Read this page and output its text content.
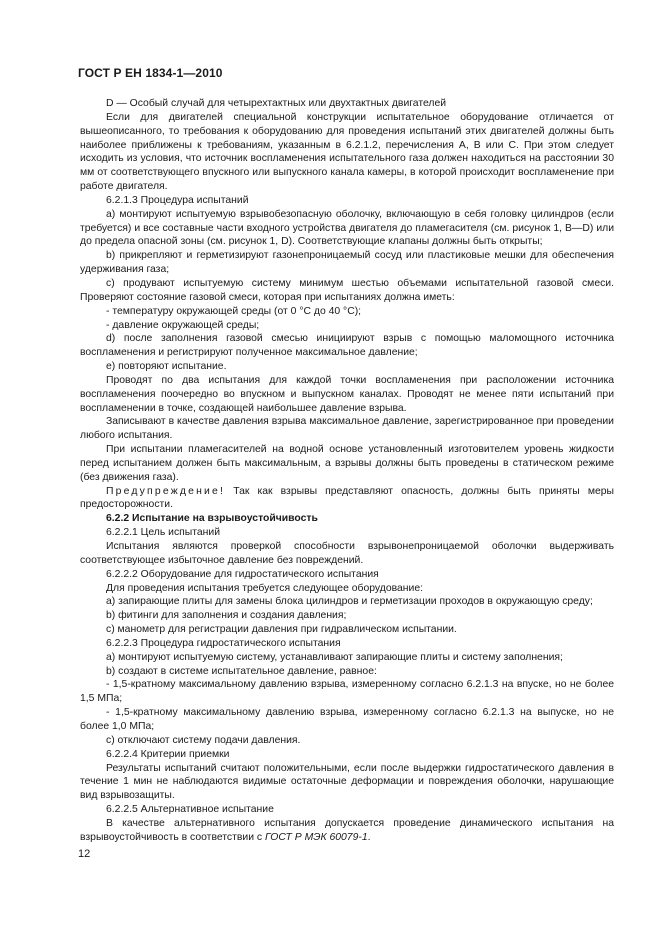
ГОСТ Р ЕН 1834-1—2010

D — Особый случай для четырехтактных или двухтактных двигателей

Если для двигателей специальной конструкции испытательное оборудование отличается от вышеописанного, то требования к оборудованию для проведения испытаний этих двигателей должны быть наиболее приближены к требованиям, указанным в 6.2.1.2, перечисления А, В или С. При этом следует исходить из условия, что источник воспламенения испытательного газа должен находиться на расстоянии 30 мм от соответствующего впускного или выпускного канала камеры, в которой происходит воспламенение при работе двигателя.

6.2.1.3 Процедура испытаний

а) монтируют испытуемую взрывобезопасную оболочку, включающую в себя головку цилиндров (если требуется) и все составные части входного устройства двигателя до пламегасителя (см. рисунок 1, В—D) или до предела опасной зоны (см. рисунок 1, D). Соответствующие клапаны должны быть открыты;

b) прикрепляют и герметизируют газонепроницаемый сосуд или пластиковые мешки для обеспечения удерживания газа;

c) продувают испытуемую систему минимум шестью объемами испытательной газовой смеси. Проверяют состояние газовой смеси, которая при испытаниях должна иметь:

- температуру окружающей среды (от 0 °C до 40 °C);

- давление окружающей среды;

d) после заполнения газовой смесью инициируют взрыв с помощью маломощного источника воспламенения и регистрируют полученное максимальное давление;

e) повторяют испытание.

Проводят по два испытания для каждой точки воспламенения при расположении источника воспламенения поочередно во впускном и выпускном каналах. Проводят не менее пяти испытаний при воспламенении в точке, создающей наибольшее давление взрыва.

Записывают в качестве давления взрыва максимальное давление, зарегистрированное при проведении любого испытания.

При испытании пламегасителей на водной основе установленный изготовителем уровень жидкости перед испытанием должен быть максимальным, а взрывы должны быть проведены в статическом режиме (без движения газа).

Предупреждение! Так как взрывы представляют опасность, должны быть приняты меры предосторожности.

6.2.2 Испытание на взрывоустойчивость

6.2.2.1 Цель испытаний

Испытания являются проверкой способности взрывонепроницаемой оболочки выдерживать соответствующее избыточное давление без повреждений.

6.2.2.2 Оборудование для гидростатического испытания

Для проведения испытания требуется следующее оборудование:

а) запирающие плиты для замены блока цилиндров и герметизации проходов в окружающую среду;

b) фитинги для заполнения и создания давления;

c) манометр для регистрации давления при гидравлическом испытании.

6.2.2.3 Процедура гидростатического испытания

а) монтируют испытуемую систему, устанавливают запирающие плиты и систему заполнения;

b) создают в системе испытательное давление, равное:

- 1,5-кратному максимальному давлению взрыва, измеренному согласно 6.2.1.3 на впуске, но не более 1,5 МПа;

- 1,5-кратному максимальному давлению взрыва, измеренному согласно 6.2.1.3 на выпуске, но не более 1,0 МПа;

c) отключают систему подачи давления.

6.2.2.4 Критерии приемки

Результаты испытаний считают положительными, если после выдержки гидростатического давления в течение 1 мин не наблюдаются видимые остаточные деформации и повреждения оболочки, нарушающие вид взрывозащиты.

6.2.2.5 Альтернативное испытание

В качестве альтернативного испытания допускается проведение динамического испытания на взрывоустойчивость в соответствии с ГОСТ Р МЭК 60079-1.

12
